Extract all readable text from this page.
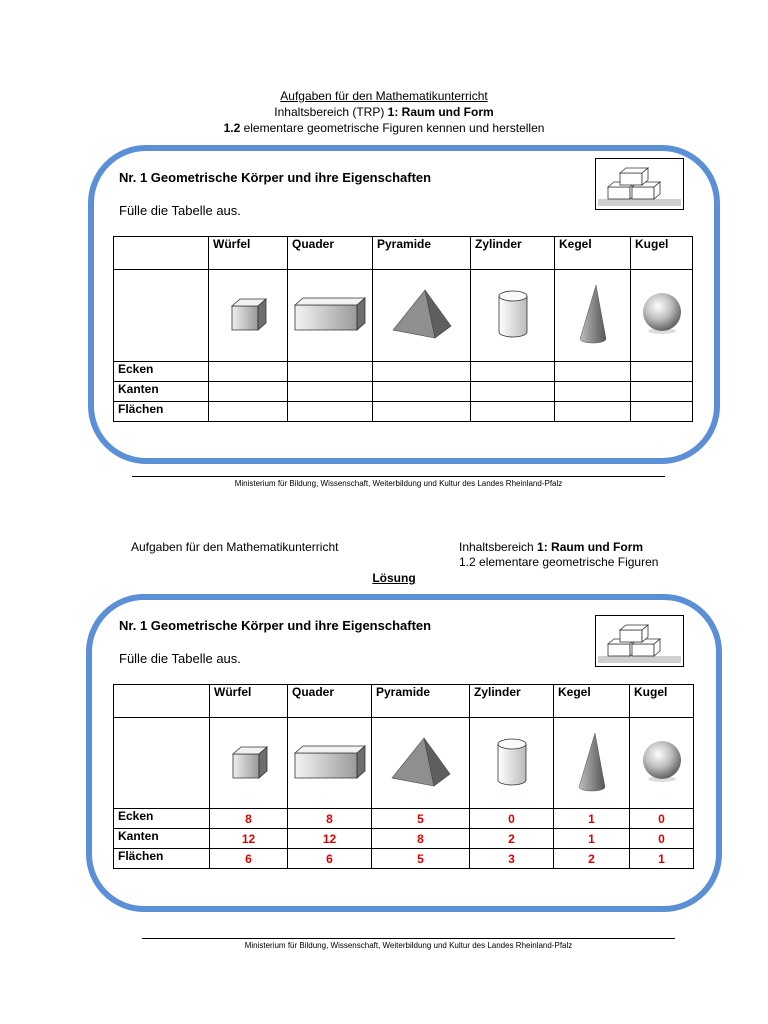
Aufgaben für den Mathematikunterricht
Inhaltsbereich (TRP) 1: Raum und Form
1.2 elementare geometrische Figuren kennen und herstellen
Nr. 1 Geometrische Körper und ihre Eigenschaften
Fülle die Tabelle aus.
	Würfel	Quader	Pyramide	Zylinder	Kegel	Kugel

Ecken						
Kanten						
Flächen						
Ministerium für Bildung, Wissenschaft, Weiterbildung und Kultur des Landes Rheinland-Pfalz
Aufgaben für den Mathematikunterricht	Inhaltsbereich 1: Raum und Form
1.2 elementare geometrische Figuren
Lösung
Nr. 1 Geometrische Körper und ihre Eigenschaften
Fülle die Tabelle aus.
	Würfel	Quader	Pyramide	Zylinder	Kegel	Kugel

Ecken	8	8	5	0	1	0
Kanten	12	12	8	2	1	0
Flächen	6	6	5	3	2	1
Ministerium für Bildung, Wissenschaft, Weiterbildung und Kultur des Landes Rheinland-Pfalz
